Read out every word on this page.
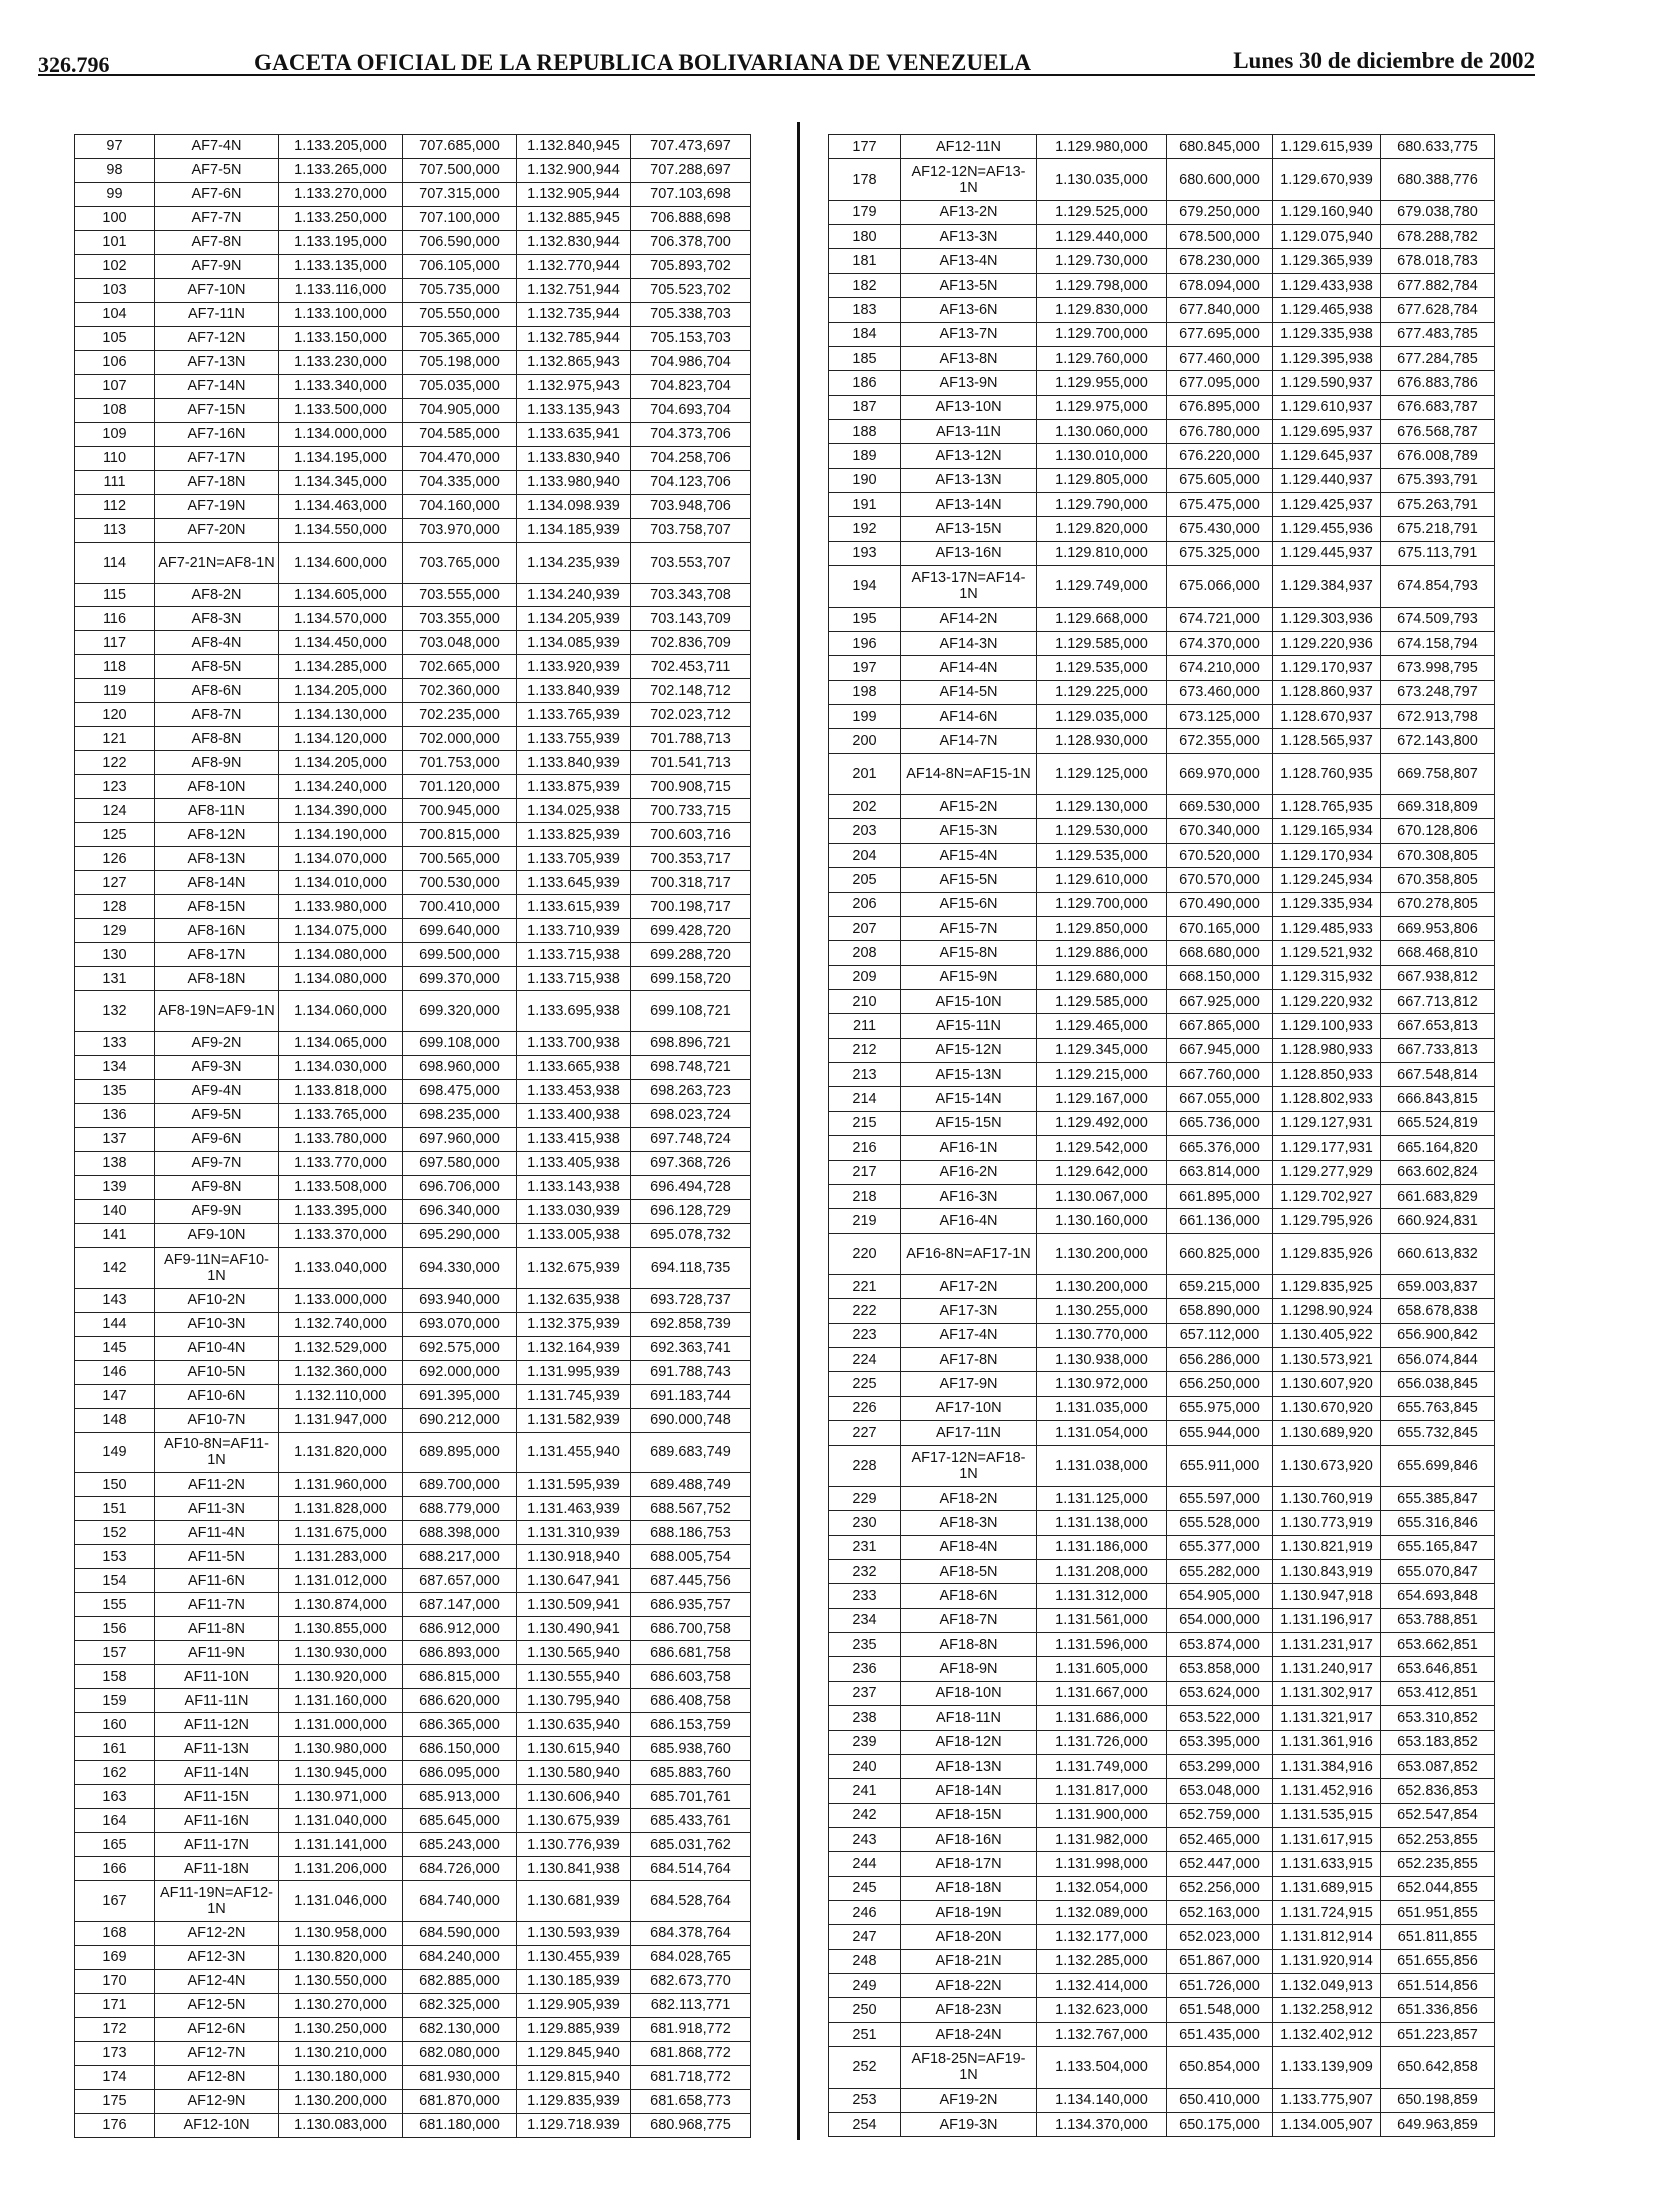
326.796	GACETA OFICIAL DE LA REPUBLICA BOLIVARIANA DE VENEZUELA	Lunes 30 de diciembre de 2002
97	AF7-4N	1.133.205,000	707.685,000	1.132.840,945	707.473,697
98	AF7-5N	1.133.265,000	707.500,000	1.132.900,944	707.288,697
99	AF7-6N	1.133.270,000	707.315,000	1.132.905,944	707.103,698
100	AF7-7N	1.133.250,000	707.100,000	1.132.885,945	706.888,698
101	AF7-8N	1.133.195,000	706.590,000	1.132.830,944	706.378,700
102	AF7-9N	1.133.135,000	706.105,000	1.132.770,944	705.893,702
103	AF7-10N	1.133.116,000	705.735,000	1.132.751,944	705.523,702
104	AF7-11N	1.133.100,000	705.550,000	1.132.735,944	705.338,703
105	AF7-12N	1.133.150,000	705.365,000	1.132.785,944	705.153,703
106	AF7-13N	1.133.230,000	705.198,000	1.132.865,943	704.986,704
107	AF7-14N	1.133.340,000	705.035,000	1.132.975,943	704.823,704
108	AF7-15N	1.133.500,000	704.905,000	1.133.135,943	704.693,704
109	AF7-16N	1.134.000,000	704.585,000	1.133.635,941	704.373,706
110	AF7-17N	1.134.195,000	704.470,000	1.133.830,940	704.258,706
111	AF7-18N	1.134.345,000	704.335,000	1.133.980,940	704.123,706
112	AF7-19N	1.134.463,000	704.160,000	1.134.098.939	703.948,706
113	AF7-20N	1.134.550,000	703.970,000	1.134.185,939	703.758,707
114	AF7-21N=AF8-1N	1.134.600,000	703.765,000	1.134.235,939	703.553,707
115	AF8-2N	1.134.605,000	703.555,000	1.134.240,939	703.343,708
116	AF8-3N	1.134.570,000	703.355,000	1.134.205,939	703.143,709
117	AF8-4N	1.134.450,000	703.048,000	1.134.085,939	702.836,709
118	AF8-5N	1.134.285,000	702.665,000	1.133.920,939	702.453,711
119	AF8-6N	1.134.205,000	702.360,000	1.133.840,939	702.148,712
120	AF8-7N	1.134.130,000	702.235,000	1.133.765,939	702.023,712
121	AF8-8N	1.134.120,000	702.000,000	1.133.755,939	701.788,713
122	AF8-9N	1.134.205,000	701.753,000	1.133.840,939	701.541,713
123	AF8-10N	1.134.240,000	701.120,000	1.133.875,939	700.908,715
124	AF8-11N	1.134.390,000	700.945,000	1.134.025,938	700.733,715
125	AF8-12N	1.134.190,000	700.815,000	1.133.825,939	700.603,716
126	AF8-13N	1.134.070,000	700.565,000	1.133.705,939	700.353,717
127	AF8-14N	1.134.010,000	700.530,000	1.133.645,939	700.318,717
128	AF8-15N	1.133.980,000	700.410,000	1.133.615,939	700.198,717
129	AF8-16N	1.134.075,000	699.640,000	1.133.710,939	699.428,720
130	AF8-17N	1.134.080,000	699.500,000	1.133.715,938	699.288,720
131	AF8-18N	1.134.080,000	699.370,000	1.133.715,938	699.158,720
132	AF8-19N=AF9-1N	1.134.060,000	699.320,000	1.133.695,938	699.108,721
133	AF9-2N	1.134.065,000	699.108,000	1.133.700,938	698.896,721
134	AF9-3N	1.134.030,000	698.960,000	1.133.665,938	698.748,721
135	AF9-4N	1.133.818,000	698.475,000	1.133.453,938	698.263,723
136	AF9-5N	1.133.765,000	698.235,000	1.133.400,938	698.023,724
137	AF9-6N	1.133.780,000	697.960,000	1.133.415,938	697.748,724
138	AF9-7N	1.133.770,000	697.580,000	1.133.405,938	697.368,726
139	AF9-8N	1.133.508,000	696.706,000	1.133.143,938	696.494,728
140	AF9-9N	1.133.395,000	696.340,000	1.133.030,939	696.128,729
141	AF9-10N	1.133.370,000	695.290,000	1.133.005,938	695.078,732
142	AF9-11N=AF10-1N	1.133.040,000	694.330,000	1.132.675,939	694.118,735
143	AF10-2N	1.133.000,000	693.940,000	1.132.635,938	693.728,737
144	AF10-3N	1.132.740,000	693.070,000	1.132.375,939	692.858,739
145	AF10-4N	1.132.529,000	692.575,000	1.132.164,939	692.363,741
146	AF10-5N	1.132.360,000	692.000,000	1.131.995,939	691.788,743
147	AF10-6N	1.132.110,000	691.395,000	1.131.745,939	691.183,744
148	AF10-7N	1.131.947,000	690.212,000	1.131.582,939	690.000,748
149	AF10-8N=AF11-1N	1.131.820,000	689.895,000	1.131.455,940	689.683,749
150	AF11-2N	1.131.960,000	689.700,000	1.131.595,939	689.488,749
151	AF11-3N	1.131.828,000	688.779,000	1.131.463,939	688.567,752
152	AF11-4N	1.131.675,000	688.398,000	1.131.310,939	688.186,753
153	AF11-5N	1.131.283,000	688.217,000	1.130.918,940	688.005,754
154	AF11-6N	1.131.012,000	687.657,000	1.130.647,941	687.445,756
155	AF11-7N	1.130.874,000	687.147,000	1.130.509,941	686.935,757
156	AF11-8N	1.130.855,000	686.912,000	1.130.490,941	686.700,758
157	AF11-9N	1.130.930,000	686.893,000	1.130.565,940	686.681,758
158	AF11-10N	1.130.920,000	686.815,000	1.130.555,940	686.603,758
159	AF11-11N	1.131.160,000	686.620,000	1.130.795,940	686.408,758
160	AF11-12N	1.131.000,000	686.365,000	1.130.635,940	686.153,759
161	AF11-13N	1.130.980,000	686.150,000	1.130.615,940	685.938,760
162	AF11-14N	1.130.945,000	686.095,000	1.130.580,940	685.883,760
163	AF11-15N	1.130.971,000	685.913,000	1.130.606,940	685.701,761
164	AF11-16N	1.131.040,000	685.645,000	1.130.675,939	685.433,761
165	AF11-17N	1.131.141,000	685.243,000	1.130.776,939	685.031,762
166	AF11-18N	1.131.206,000	684.726,000	1.130.841,938	684.514,764
167	AF11-19N=AF12-1N	1.131.046,000	684.740,000	1.130.681,939	684.528,764
168	AF12-2N	1.130.958,000	684.590,000	1.130.593,939	684.378,764
169	AF12-3N	1.130.820,000	684.240,000	1.130.455,939	684.028,765
170	AF12-4N	1.130.550,000	682.885,000	1.130.185,939	682.673,770
171	AF12-5N	1.130.270,000	682.325,000	1.129.905,939	682.113,771
172	AF12-6N	1.130.250,000	682.130,000	1.129.885,939	681.918,772
173	AF12-7N	1.130.210,000	682.080,000	1.129.845,940	681.868,772
174	AF12-8N	1.130.180,000	681.930,000	1.129.815,940	681.718,772
175	AF12-9N	1.130.200,000	681.870,000	1.129.835,939	681.658,773
176	AF12-10N	1.130.083,000	681.180,000	1.129.718.939	680.968,775
177	AF12-11N	1.129.980,000	680.845,000	1.129.615,939	680.633,775
178	AF12-12N=AF13-1N	1.130.035,000	680.600,000	1.129.670,939	680.388,776
179	AF13-2N	1.129.525,000	679.250,000	1.129.160,940	679.038,780
180	AF13-3N	1.129.440,000	678.500,000	1.129.075,940	678.288,782
181	AF13-4N	1.129.730,000	678.230,000	1.129.365,939	678.018,783
182	AF13-5N	1.129.798,000	678.094,000	1.129.433,938	677.882,784
183	AF13-6N	1.129.830,000	677.840,000	1.129.465,938	677.628,784
184	AF13-7N	1.129.700,000	677.695,000	1.129.335,938	677.483,785
185	AF13-8N	1.129.760,000	677.460,000	1.129.395,938	677.284,785
186	AF13-9N	1.129.955,000	677.095,000	1.129.590,937	676.883,786
187	AF13-10N	1.129.975,000	676.895,000	1.129.610,937	676.683,787
188	AF13-11N	1.130.060,000	676.780,000	1.129.695,937	676.568,787
189	AF13-12N	1.130.010,000	676.220,000	1.129.645,937	676.008,789
190	AF13-13N	1.129.805,000	675.605,000	1.129.440,937	675.393,791
191	AF13-14N	1.129.790,000	675.475,000	1.129.425,937	675.263,791
192	AF13-15N	1.129.820,000	675.430,000	1.129.455,936	675.218,791
193	AF13-16N	1.129.810,000	675.325,000	1.129.445,937	675.113,791
194	AF13-17N=AF14-1N	1.129.749,000	675.066,000	1.129.384,937	674.854,793
195	AF14-2N	1.129.668,000	674.721,000	1.129.303,936	674.509,793
196	AF14-3N	1.129.585,000	674.370,000	1.129.220,936	674.158,794
197	AF14-4N	1.129.535,000	674.210,000	1.129.170,937	673.998,795
198	AF14-5N	1.129.225,000	673.460,000	1.128.860,937	673.248,797
199	AF14-6N	1.129.035,000	673.125,000	1.128.670,937	672.913,798
200	AF14-7N	1.128.930,000	672.355,000	1.128.565,937	672.143,800
201	AF14-8N=AF15-1N	1.129.125,000	669.970,000	1.128.760,935	669.758,807
202	AF15-2N	1.129.130,000	669.530,000	1.128.765,935	669.318,809
203	AF15-3N	1.129.530,000	670.340,000	1.129.165,934	670.128,806
204	AF15-4N	1.129.535,000	670.520,000	1.129.170,934	670.308,805
205	AF15-5N	1.129.610,000	670.570,000	1.129.245,934	670.358,805
206	AF15-6N	1.129.700,000	670.490,000	1.129.335,934	670.278,805
207	AF15-7N	1.129.850,000	670.165,000	1.129.485,933	669.953,806
208	AF15-8N	1.129.886,000	668.680,000	1.129.521,932	668.468,810
209	AF15-9N	1.129.680,000	668.150,000	1.129.315,932	667.938,812
210	AF15-10N	1.129.585,000	667.925,000	1.129.220,932	667.713,812
211	AF15-11N	1.129.465,000	667.865,000	1.129.100,933	667.653,813
212	AF15-12N	1.129.345,000	667.945,000	1.128.980,933	667.733,813
213	AF15-13N	1.129.215,000	667.760,000	1.128.850,933	667.548,814
214	AF15-14N	1.129.167,000	667.055,000	1.128.802,933	666.843,815
215	AF15-15N	1.129.492,000	665.736,000	1.129.127,931	665.524,819
216	AF16-1N	1.129.542,000	665.376,000	1.129.177,931	665.164,820
217	AF16-2N	1.129.642,000	663.814,000	1.129.277,929	663.602,824
218	AF16-3N	1.130.067,000	661.895,000	1.129.702,927	661.683,829
219	AF16-4N	1.130.160,000	661.136,000	1.129.795,926	660.924,831
220	AF16-8N=AF17-1N	1.130.200,000	660.825,000	1.129.835,926	660.613,832
221	AF17-2N	1.130.200,000	659.215,000	1.129.835,925	659.003,837
222	AF17-3N	1.130.255,000	658.890,000	1.1298.90,924	658.678,838
223	AF17-4N	1.130.770,000	657.112,000	1.130.405,922	656.900,842
224	AF17-8N	1.130.938,000	656.286,000	1.130.573,921	656.074,844
225	AF17-9N	1.130.972,000	656.250,000	1.130.607,920	656.038,845
226	AF17-10N	1.131.035,000	655.975,000	1.130.670,920	655.763,845
227	AF17-11N	1.131.054,000	655.944,000	1.130.689,920	655.732,845
228	AF17-12N=AF18-1N	1.131.038,000	655.911,000	1.130.673,920	655.699,846
229	AF18-2N	1.131.125,000	655.597,000	1.130.760,919	655.385,847
230	AF18-3N	1.131.138,000	655.528,000	1.130.773,919	655.316,846
231	AF18-4N	1.131.186,000	655.377,000	1.130.821,919	655.165,847
232	AF18-5N	1.131.208,000	655.282,000	1.130.843,919	655.070,847
233	AF18-6N	1.131.312,000	654.905,000	1.130.947,918	654.693,848
234	AF18-7N	1.131.561,000	654.000,000	1.131.196,917	653.788,851
235	AF18-8N	1.131.596,000	653.874,000	1.131.231,917	653.662,851
236	AF18-9N	1.131.605,000	653.858,000	1.131.240,917	653.646,851
237	AF18-10N	1.131.667,000	653.624,000	1.131.302,917	653.412,851
238	AF18-11N	1.131.686,000	653.522,000	1.131.321,917	653.310,852
239	AF18-12N	1.131.726,000	653.395,000	1.131.361,916	653.183,852
240	AF18-13N	1.131.749,000	653.299,000	1.131.384,916	653.087,852
241	AF18-14N	1.131.817,000	653.048,000	1.131.452,916	652.836,853
242	AF18-15N	1.131.900,000	652.759,000	1.131.535,915	652.547,854
243	AF18-16N	1.131.982,000	652.465,000	1.131.617,915	652.253,855
244	AF18-17N	1.131.998,000	652.447,000	1.131.633,915	652.235,855
245	AF18-18N	1.132.054,000	652.256,000	1.131.689,915	652.044,855
246	AF18-19N	1.132.089,000	652.163,000	1.131.724,915	651.951,855
247	AF18-20N	1.132.177,000	652.023,000	1.131.812,914	651.811,855
248	AF18-21N	1.132.285,000	651.867,000	1.131.920,914	651.655,856
249	AF18-22N	1.132.414,000	651.726,000	1.132.049,913	651.514,856
250	AF18-23N	1.132.623,000	651.548,000	1.132.258,912	651.336,856
251	AF18-24N	1.132.767,000	651.435,000	1.132.402,912	651.223,857
252	AF18-25N=AF19-1N	1.133.504,000	650.854,000	1.133.139,909	650.642,858
253	AF19-2N	1.134.140,000	650.410,000	1.133.775,907	650.198,859
254	AF19-3N	1.134.370,000	650.175,000	1.134.005,907	649.963,859
